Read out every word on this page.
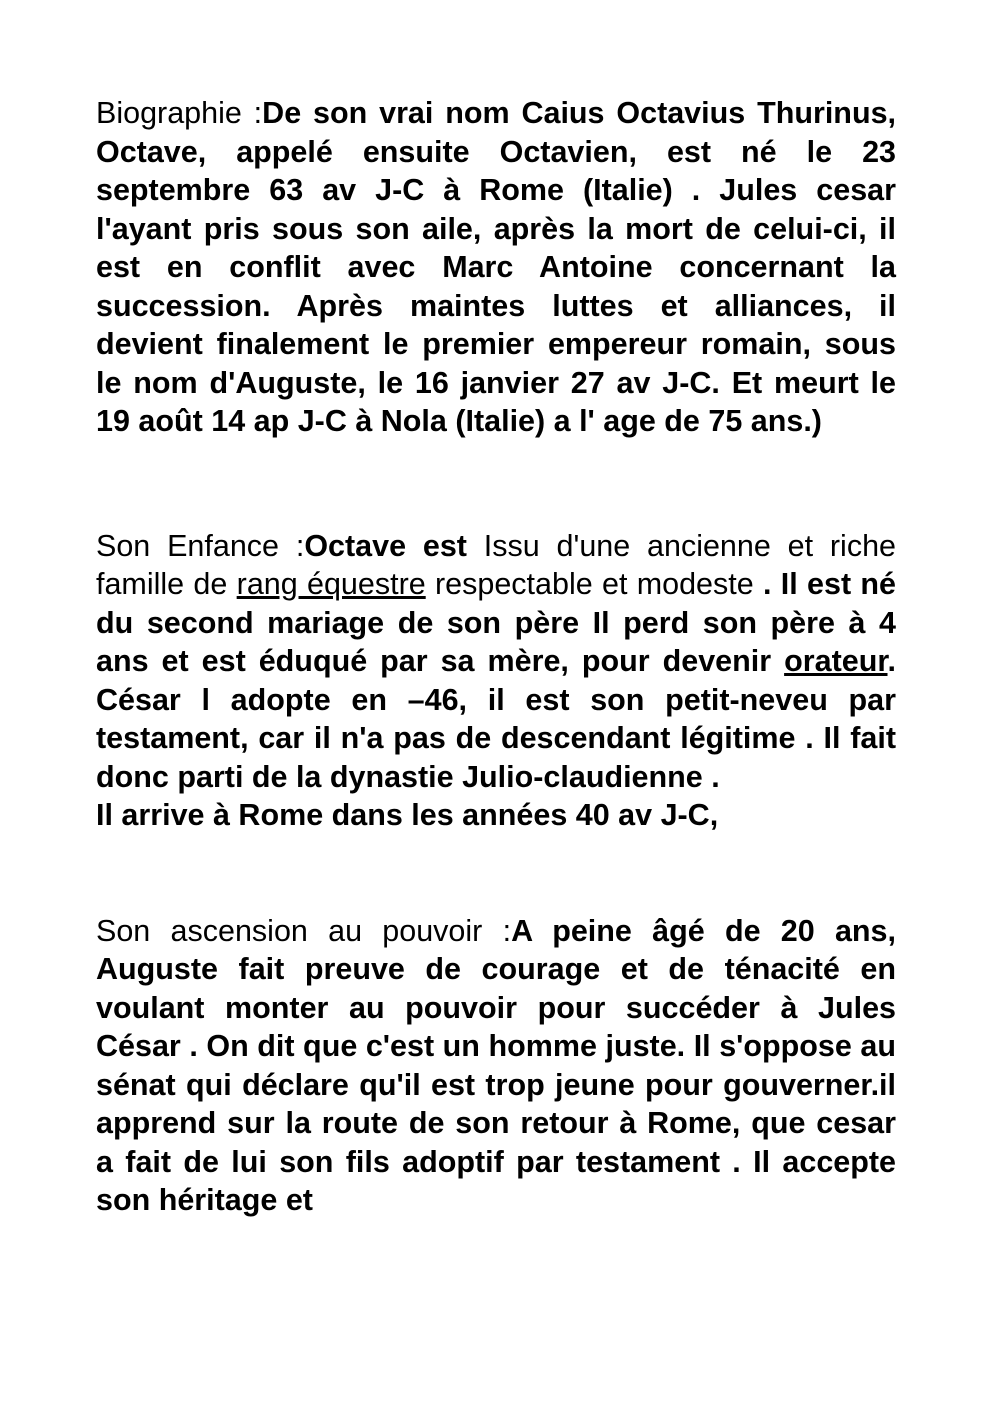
Biographie :De son vrai nom Caius Octavius Thurinus, Octave, appelé ensuite Octavien, est né le 23 septembre 63 av J-C à Rome (Italie) . Jules cesar l'ayant pris sous son aile, après la mort de celui-ci, il est en conflit avec Marc Antoine concernant la succession. Après maintes luttes et alliances, il devient finalement le premier empereur romain, sous le nom d'Auguste, le 16 janvier 27 av J-C. Et meurt le 19 août 14 ap J-C à Nola (Italie) a l' age de 75 ans.)

Son Enfance :Octave est Issu d'une ancienne et riche famille de rang équestre respectable et modeste . Il est né du second mariage de son père Il perd son père à 4 ans et est éduqué par sa mère, pour devenir orateur. César l adopte en –46, il est son petit-neveu par testament, car il n'a pas de descendant légitime . Il fait donc parti de la dynastie Julio-claudienne .
Il arrive à Rome dans les années 40 av J-C,

Son ascension au pouvoir :A peine âgé de 20 ans, Auguste fait preuve de courage et de ténacité en voulant monter au pouvoir pour succéder à Jules César . On dit que c'est un homme juste. Il s'oppose au sénat qui déclare qu'il est trop jeune pour gouverner.il apprend sur la route de son retour à Rome, que cesar a fait de lui son fils adoptif par testament . Il accepte son héritage et
